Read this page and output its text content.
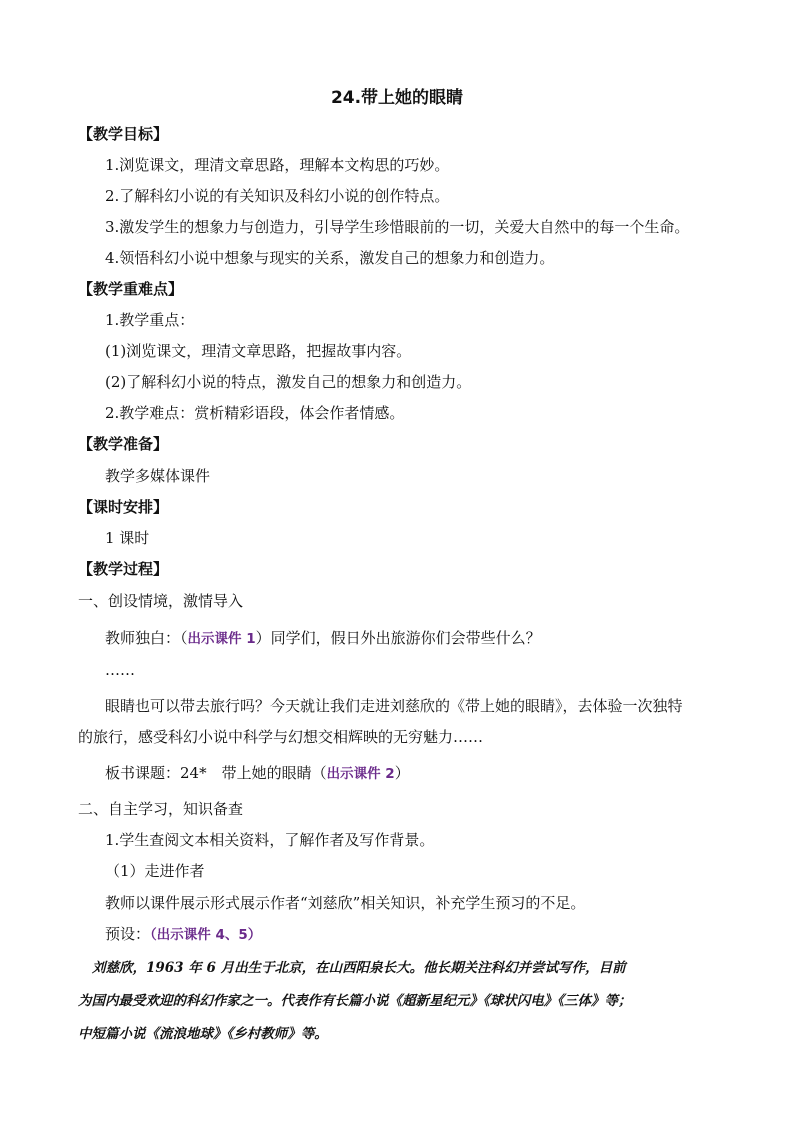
24.带上她的眼睛
【教学目标】
1.浏览课文，理清文章思路，理解本文构思的巧妙。
2.了解科幻小说的有关知识及科幻小说的创作特点。
3.激发学生的想象力与创造力，引导学生珍惜眼前的一切，关爱大自然中的每一个生命。
4.领悟科幻小说中想象与现实的关系，激发自己的想象力和创造力。
【教学重难点】
1.教学重点：
(1)浏览课文，理清文章思路，把握故事内容。
(2)了解科幻小说的特点，激发自己的想象力和创造力。
2.教学难点：赏析精彩语段，体会作者情感。
【教学准备】
教学多媒体课件
【课时安排】
1 课时
【教学过程】
一、创设情境，激情导入
教师独白：（出示课件 1）同学们，假日外出旅游你们会带些什么？
……
眼睛也可以带去旅行吗？今天就让我们走进刘慈欣的《带上她的眼睛》，去体验一次独特
的旅行，感受科幻小说中科学与幻想交相辉映的无穷魅力……
板书课题：24*　带上她的眼睛（出示课件 2）
二、自主学习，知识备查
1.学生查阅文本相关资料，了解作者及写作背景。
（1）走进作者
教师以课件展示形式展示作者“刘慈欣”相关知识，补充学生预习的不足。
预设：（出示课件 4、5）
刘慈欣，1963 年 6 月出生于北京，在山西阳泉长大。他长期关注科幻并尝试写作，目前
为国内最受欢迎的科幻作家之一。代表作有长篇小说《超新星纪元》《球状闪电》《三体》等；
中短篇小说《流浪地球》《乡村教师》等。
